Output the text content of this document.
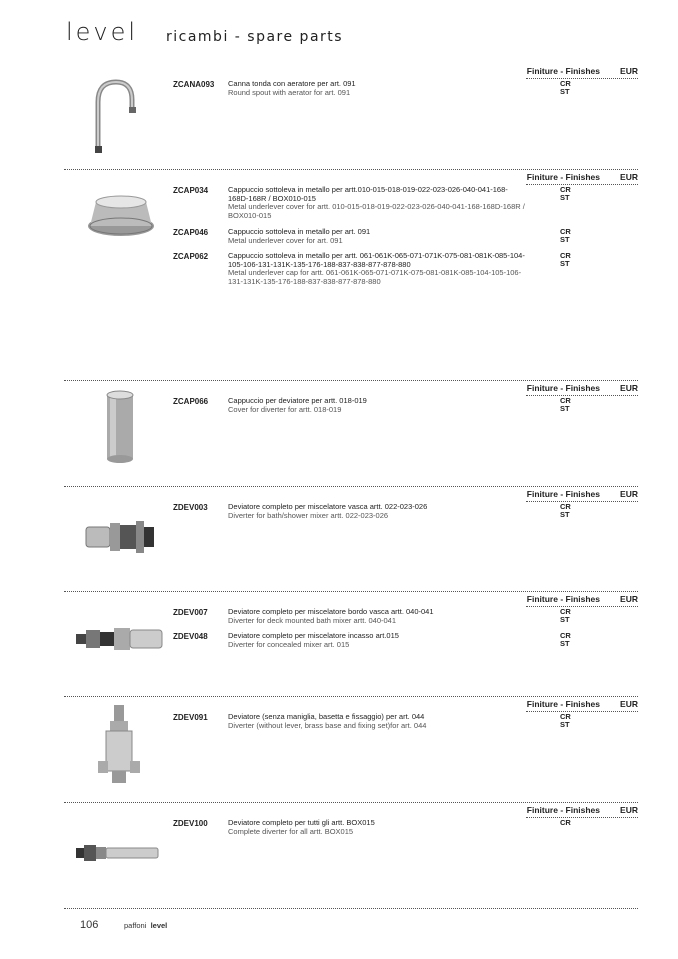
level ricambi - spare parts
Finiture - Finishes EUR
ZCANA093 Canna tonda con aeratore per art. 091
Round spout with aerator for art. 091
CR
ST
Finiture - Finishes EUR
ZCAP034	Cappuccio sottoleva in metallo per artt.010-015-018-019-022-023-026-040-041-168-168D-168R / BOX010-015
Metal underlever cover for artt. 010-015-018-019-022-023-026-040-041-168-168D-168R / BOX010-015
CR
ST
ZCAP046	Cappuccio sottoleva in metallo per art. 091
Metal underlever cover for art. 091
CR
ST
ZCAP062	Cappuccio sottoleva in metallo per artt. 061-061K-065-071-071K-075-081-081K-085-104-105-106-131-131K-135-176-188-837-838-877-878-880
Metal underlever cap for artt. 061-061K-065-071-071K-075-081-081K-085-104-105-106-131-131K-135-176-188-837-838-877-878-880
CR
ST
Finiture - Finishes EUR
ZCAP066	Cappuccio per deviatore per artt. 018-019
Cover for diverter for artt. 018-019
CR
ST
Finiture - Finishes EUR
ZDEV003	Deviatore completo per miscelatore vasca artt. 022-023-026
Diverter for bath/shower mixer artt. 022-023-026
CR
ST
Finiture - Finishes EUR
ZDEV007	Deviatore completo per miscelatore bordo vasca artt. 040-041
Diverter for deck mounted bath mixer artt. 040-041
CR
ST
ZDEV048	Deviatore completo per miscelatore incasso art.015
Diverter for concealed mixer art. 015
CR
ST
Finiture - Finishes EUR
ZDEV091	Deviatore (senza maniglia, basetta e fissaggio) per art. 044
Diverter (without lever, brass base and fixing set)for art. 044
CR
ST
Finiture - Finishes EUR
ZDEV100	Deviatore completo per tutti gli artt. BOX015
Complete diverter for all artt. BOX015
CR
106	paffoni level
